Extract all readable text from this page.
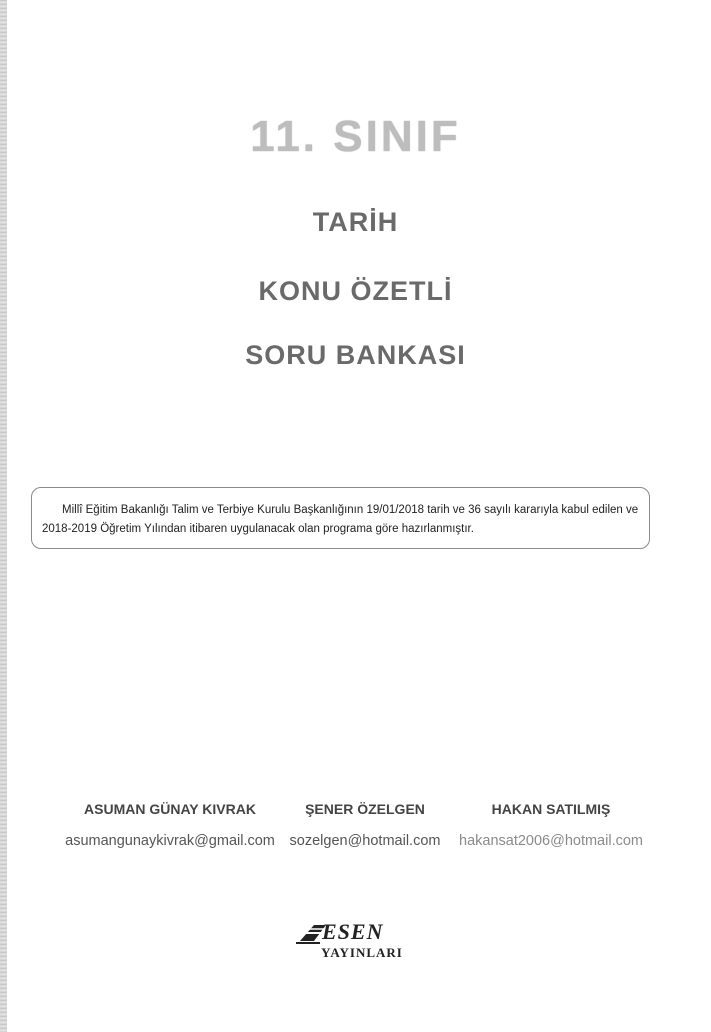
11. SINIF
TARİH
KONU ÖZETLİ
SORU BANKASI

Millî Eğitim Bakanlığı Talim ve Terbiye Kurulu Başkanlığının 19/01/2018 tarih ve 36 sayılı kararıyla kabul edilen ve 2018-2019 Öğretim Yılından itibaren uygulanacak olan programa göre hazırlanmıştır.

ASUMAN GÜNAY KIVRAK
asumangunaykivrak@gmail.com
ŞENER ÖZELGEN
sozelgen@hotmail.com
HAKAN SATILMIŞ
hakansat2006@hotmail.com
ESEN
YAYINLARI
